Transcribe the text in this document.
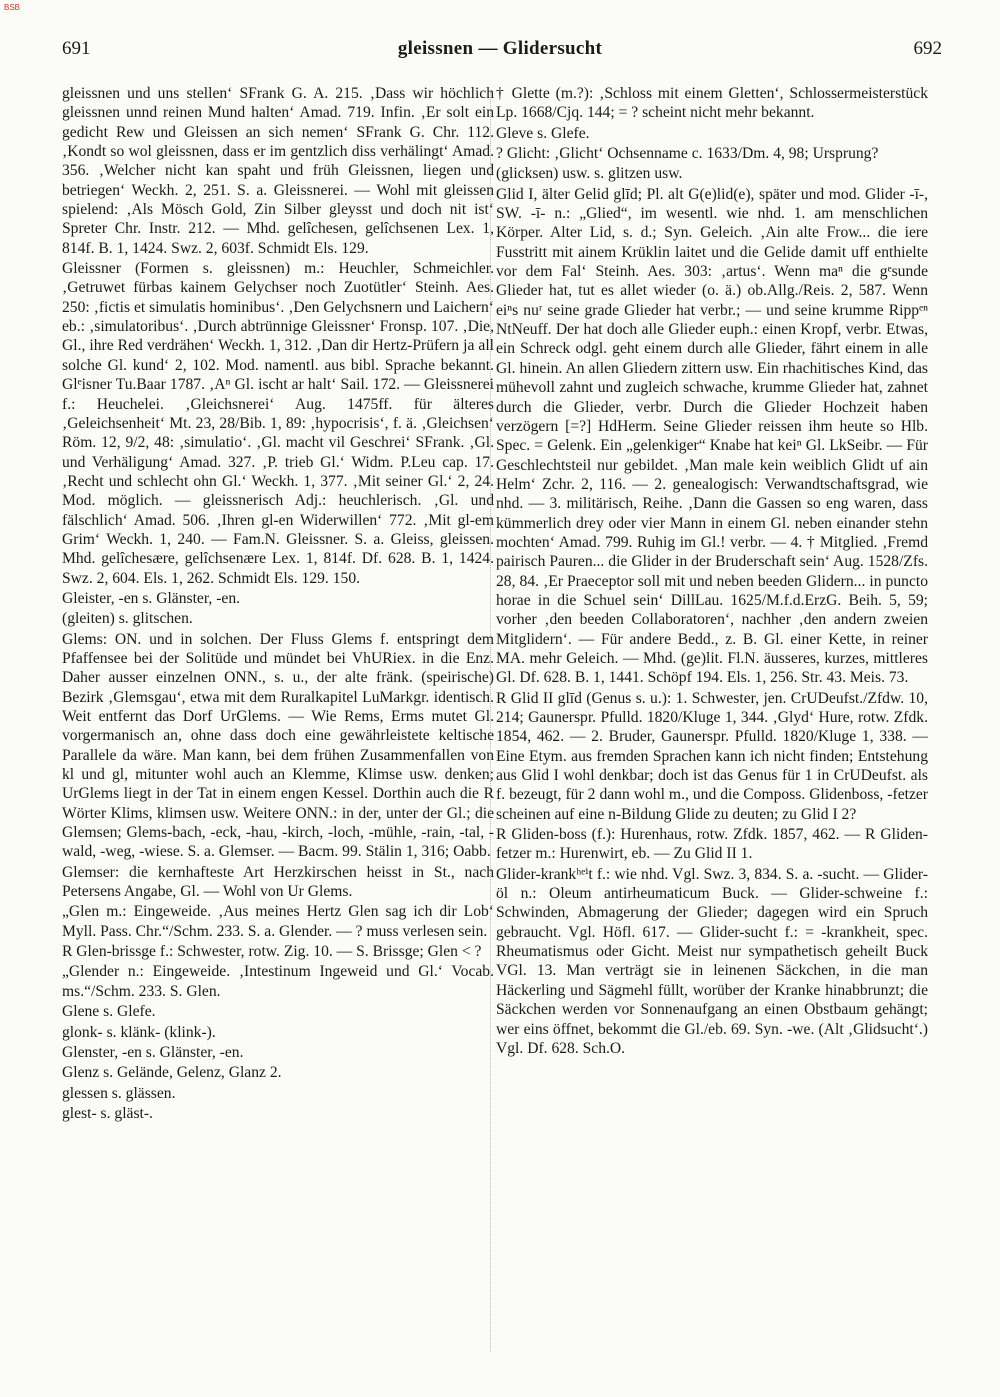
BSB
691	gleissnen — Glidersucht	692

gleissnen und uns stellen‘ SFrank G. A. 215. ‚Dass wir höchlich gleissnen unnd reinen Mund halten‘ Amad. 719. Infin. ‚Er solt ein gedicht Rew und Gleissen an sich nemen‘ SFrank G. Chr. 112. ‚Kondt so wol gleissnen, dass er im gentzlich diss verhälingt‘ Amad. 356. ‚Welcher nicht kan spaht und früh Gleissnen, liegen und betriegen‘ Weckh. 2, 251. S. a. Gleissnerei. — Wohl mit gleissen spielend: ‚Als Mösch Gold, Zin Silber gleysst und doch nit ist‘ Spreter Chr. Instr. 212. — Mhd. gelîchesen, gelîchsenen Lex. 1, 814f. B. 1, 1424. Swz. 2, 603f. Schmidt Els. 129.

Gleissner (Formen s. gleissnen) m.: Heuchler, Schmeichler. ‚Getruwet fürbas kainem Gelychser noch Zuotütler‘ Steinh. Aes. 250: ‚fictis et simulatis hominibus‘. ‚Den Gelychsnern und Laichern‘ eb.: ‚simulatoribus‘. ‚Durch abtrünnige Gleissner‘ Fronsp. 107. ‚Die, Gl., ihre Red verdrähen‘ Weckh. 1, 312. ‚Dan dir Hertz-Prüfern ja all solche Gl. kund‘ 2, 102. Mod. namentl. aus bibl. Sprache bekannt. Glᵉisner Tu.Baar 1787. ‚Aⁿ Gl. ischt ar halt‘ Sail. 172. — Gleissnerei f.: Heuchelei. ‚Gleichsnerei‘ Aug. 1475ff. für älteres ‚Geleichsenheit‘ Mt. 23, 28/Bib. 1, 89: ‚hypocrisis‘, f. ä. ‚Gleichsen‘ Röm. 12, 9/2, 48: ‚simulatio‘. ‚Gl. macht vil Geschrei‘ SFrank. ‚Gl. und Verhäligung‘ Amad. 327. ‚P. trieb Gl.‘ Widm. P.Leu cap. 17. ‚Recht und schlecht ohn Gl.‘ Weckh. 1, 377. ‚Mit seiner Gl.‘ 2, 24. Mod. möglich. — gleissnerisch Adj.: heuchlerisch. ‚Gl. und fälschlich‘ Amad. 506. ‚Ihren gl-en Widerwillen‘ 772. ‚Mit gl-em Grim‘ Weckh. 1, 240. — Fam.N. Gleissner. S. a. Gleiss, gleissen. Mhd. gelîchesære, gelîchsenære Lex. 1, 814f. Df. 628. B. 1, 1424. Swz. 2, 604. Els. 1, 262. Schmidt Els. 129. 150.

Gleister, -en s. Glänster, -en.

(gleiten) s. glitschen.

Glems: ON. und in solchen. Der Fluss Glems f. entspringt dem Pfaffensee bei der Solitüde und mündet bei VhURiex. in die Enz. Daher ausser einzelnen ONN., s. u., der alte fränk. (speirische) Bezirk ‚Glemsgau‘, etwa mit dem Ruralkapitel LuMarkgr. identisch. Weit entfernt das Dorf UrGlems. — Wie Rems, Erms mutet Gl. vorgermanisch an, ohne dass doch eine gewährleistete keltische Parallele da wäre. Man kann, bei dem frühen Zusammenfallen von kl und gl, mitunter wohl auch an Klemme, Klimse usw. denken; UrGlems liegt in der Tat in einem engen Kessel. Dorthin auch die R Wörter Klims, klimsen usw. Weitere ONN.: in der, unter der Gl.; die Glemsen; Glems-bach, -eck, -hau, -kirch, -loch, -mühle, -rain, -tal, -wald, -weg, -wiese. S. a. Glemser. — Bacm. 99. Stälin 1, 316; Oabb.

Glemser: die kernhafteste Art Herzkirschen heisst in St., nach Petersens Angabe, Gl. — Wohl von Ur Glems.

„Glen m.: Eingeweide. ‚Aus meines Hertz Glen sag ich dir Lob‘ Myll. Pass. Chr.“/Schm. 233. S. a. Glender. — ? muss verlesen sein.

R Glen-brissge f.: Schwester, rotw. Zig. 10. — S. Brissge; Glen < ?

„Glender n.: Eingeweide. ‚Intestinum Ingeweid und Gl.‘ Vocab. ms.“/Schm. 233. S. Glen.

Glene s. Glefe.

glonk- s. klänk- (klink-).

Glenster, -en s. Glänster, -en.

Glenz s. Gelände, Gelenz, Glanz 2.

glessen s. glässen.

glest- s. gläst-.

† Glette (m.?): ‚Schloss mit einem Gletten‘, Schlossermeisterstück Lp. 1668/Cjq. 144; = ? scheint nicht mehr bekannt.

Gleve s. Glefe.

? Glicht: ‚Glicht‘ Ochsenname c. 1633/Dm. 4, 98; Ursprung?

(glicksen) usw. s. glitzen usw.

Glid I, älter Gelid glīd; Pl. alt G(e)lid(e), später und mod. Glider -ī-, SW. -ī- n.: „Glied“, im wesentl. wie nhd. 1. am menschlichen Körper. Alter Lid, s. d.; Syn. Geleich. ‚Ain alte Frow... die iere Fusstritt mit ainem Krüklin laitet und die Gelide damit uff enthielte vor dem Fal‘ Steinh. Aes. 303: ‚artus‘. Wenn maⁿ die gᵉsunde Glieder hat, tut es allet wieder (o. ä.) ob.Allg./Reis. 2, 587. Wenn eiⁿs nuʳ seine grade Glieder hat verbr.; — und seine krumme Rippᵉⁿ NtNeuff. Der hat doch alle Glieder euph.: einen Kropf, verbr. Etwas, ein Schreck odgl. geht einem durch alle Glieder, fährt einem in alle Gl. hinein. An allen Gliedern zittern usw. Ein rhachitisches Kind, das mühevoll zahnt und zugleich schwache, krumme Glieder hat, zahnet durch die Glieder, verbr. Durch die Glieder Hochzeit haben verzögern [=?] HdHerm. Seine Glieder reissen ihm heute so Hlb. Spec. = Gelenk. Ein „gelenkiger“ Knabe hat keiⁿ Gl. LkSeibr. — Für Geschlechtsteil nur gebildet. ‚Man male kein weiblich Glidt uf ain Helm‘ Zchr. 2, 116. — 2. genealogisch: Verwandtschaftsgrad, wie nhd. — 3. militärisch, Reihe. ‚Dann die Gassen so eng waren, dass kümmerlich drey oder vier Mann in einem Gl. neben einander stehn mochten‘ Amad. 799. Ruhig im Gl.! verbr. — 4. † Mitglied. ‚Fremd pairisch Pauren... die Glider in der Bruderschaft sein‘ Aug. 1528/Zfs. 28, 84. ‚Er Praeceptor soll mit und neben beeden Glidern... in puncto horae in die Schuel sein‘ DillLau. 1625/M.f.d.ErzG. Beih. 5, 59; vorher ‚den beeden Collaboratoren‘, nachher ‚den andern zweien Mitglidern‘. — Für andere Bedd., z. B. Gl. einer Kette, in reiner MA. mehr Geleich. — Mhd. (ge)lit. Fl.N. äusseres, kurzes, mittleres Gl. Df. 628. B. 1, 1441. Schöpf 194. Els. 1, 256. Str. 43. Meis. 73.

R Glid II glīd (Genus s. u.): 1. Schwester, jen. CrUDeufst./Zfdw. 10, 214; Gaunerspr. Pfulld. 1820/Kluge 1, 344. ‚Glyd‘ Hure, rotw. Zfdk. 1854, 462. — 2. Bruder, Gaunerspr. Pfulld. 1820/Kluge 1, 338. — Eine Etym. aus fremden Sprachen kann ich nicht finden; Entstehung aus Glid I wohl denkbar; doch ist das Genus für 1 in CrUDeufst. als f. bezeugt, für 2 dann wohl m., und die Composs. Glidenboss, -fetzer scheinen auf eine n-Bildung Glide zu deuten; zu Glid I 2?

R Gliden-boss (f.): Hurenhaus, rotw. Zfdk. 1857, 462. — R Gliden-fetzer m.: Hurenwirt, eb. — Zu Glid II 1.

Glider-krankʰᵉⁱt f.: wie nhd. Vgl. Swz. 3, 834. S. a. -sucht. — Glider-öl n.: Oleum antirheumaticum Buck. — Glider-schweine f.: Schwinden, Abmagerung der Glieder; dagegen wird ein Spruch gebraucht. Vgl. Höfl. 617. — Glider-sucht f.: = -krankheit, spec. Rheumatismus oder Gicht. Meist nur sympathetisch geheilt Buck VGl. 13. Man verträgt sie in leinenen Säckchen, in die man Häckerling und Sägmehl füllt, worüber der Kranke hinabbrunzt; die Säckchen werden vor Sonnenaufgang an einen Obstbaum gehängt; wer eins öffnet, bekommt die Gl./eb. 69. Syn. -we. (Alt ‚Glidsucht‘.) Vgl. Df. 628. Sch.O.
